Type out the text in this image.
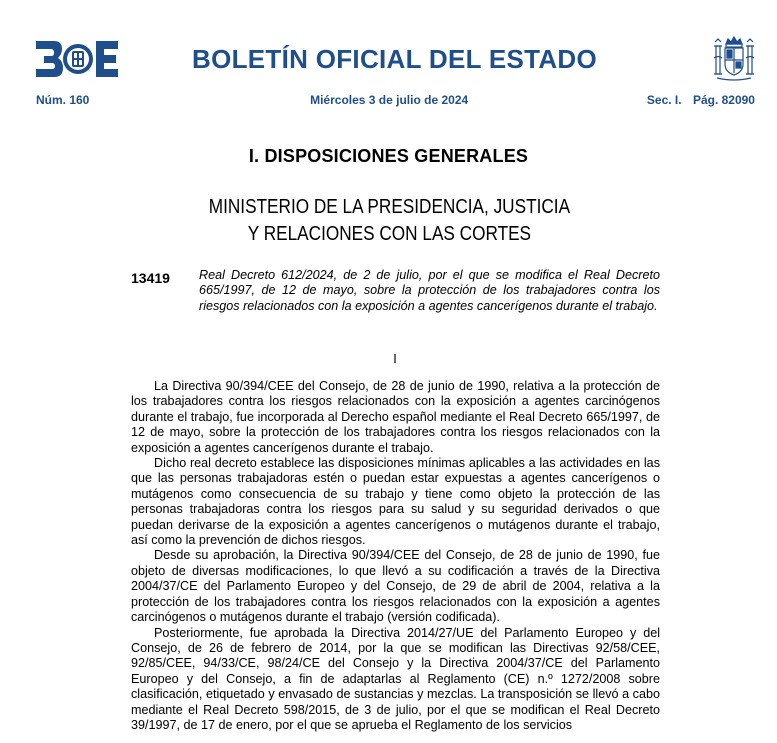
BOLETÍN OFICIAL DEL ESTADO
Núm. 160	Miércoles 3 de julio de 2024	Sec. I. Pág. 82090
I. DISPOSICIONES GENERALES
MINISTERIO DE LA PRESIDENCIA, JUSTICIA
Y RELACIONES CON LAS CORTES
13419 Real Decreto 612/2024, de 2 de julio, por el que se modifica el Real Decreto 665/1997, de 12 de mayo, sobre la protección de los trabajadores contra los riesgos relacionados con la exposición a agentes cancerígenos durante el trabajo.
I

La Directiva 90/394/CEE del Consejo, de 28 de junio de 1990, relativa a la protección de los trabajadores contra los riesgos relacionados con la exposición a agentes carcinógenos durante el trabajo, fue incorporada al Derecho español mediante el Real Decreto 665/1997, de 12 de mayo, sobre la protección de los trabajadores contra los riesgos relacionados con la exposición a agentes cancerígenos durante el trabajo.

Dicho real decreto establece las disposiciones mínimas aplicables a las actividades en las que las personas trabajadoras estén o puedan estar expuestas a agentes cancerígenos o mutágenos como consecuencia de su trabajo y tiene como objeto la protección de las personas trabajadoras contra los riesgos para su salud y su seguridad derivados o que puedan derivarse de la exposición a agentes cancerígenos o mutágenos durante el trabajo, así como la prevención de dichos riesgos.

Desde su aprobación, la Directiva 90/394/CEE del Consejo, de 28 de junio de 1990, fue objeto de diversas modificaciones, lo que llevó a su codificación a través de la Directiva 2004/37/CE del Parlamento Europeo y del Consejo, de 29 de abril de 2004, relativa a la protección de los trabajadores contra los riesgos relacionados con la exposición a agentes carcinógenos o mutágenos durante el trabajo (versión codificada).

Posteriormente, fue aprobada la Directiva 2014/27/UE del Parlamento Europeo y del Consejo, de 26 de febrero de 2014, por la que se modifican las Directivas 92/58/CEE, 92/85/CEE, 94/33/CE, 98/24/CE del Consejo y la Directiva 2004/37/CE del Parlamento Europeo y del Consejo, a fin de adaptarlas al Reglamento (CE) n.º 1272/2008 sobre clasificación, etiquetado y envasado de sustancias y mezclas. La transposición se llevó a cabo mediante el Real Decreto 598/2015, de 3 de julio, por el que se modifican el Real Decreto 39/1997, de 17 de enero, por el que se aprueba el Reglamento de los servicios
